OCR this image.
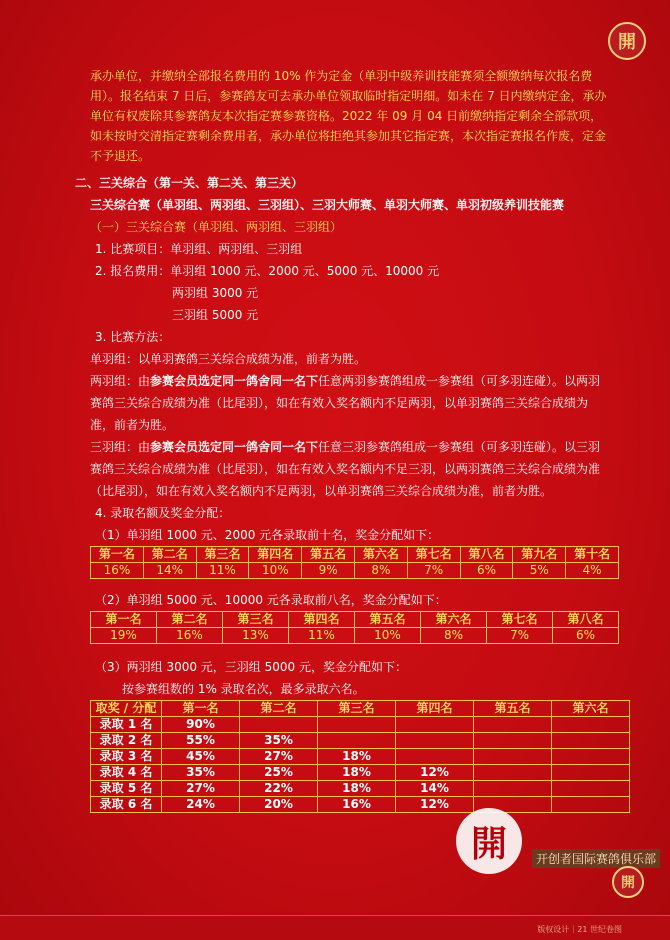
開
承办单位，并缴纳全部报名费用的 10% 作为定金（单羽中级养训技能赛须全额缴纳每次报名费用）。报名结束 7 日后，参赛鸽友可去承办单位领取临时指定明细。如未在 7 日内缴纳定金，承办单位有权废除其参赛鸽友本次指定赛参赛资格。2022 年 09 月 04 日前缴纳指定剩余全部款项，如未按时交清指定赛剩余费用者，承办单位将拒绝其参加其它指定赛，本次指定赛报名作废，定金不予退还。
二、三关综合（第一关、第二关、第三关）
三关综合赛（单羽组、两羽组、三羽组）、三羽大师赛、单羽大师赛、单羽初级养训技能赛
（一）三关综合赛（单羽组、两羽组、三羽组）
1. 比赛项目：单羽组、两羽组、三羽组
2. 报名费用：单羽组 1000 元、2000 元、5000 元、10000 元
两羽组 3000 元
三羽组 5000 元
3. 比赛方法：
单羽组：以单羽赛鸽三关综合成绩为准，前者为胜。
两羽组：由参赛会员选定同一鸽舍同一名下任意两羽参赛鸽组成一参赛组（可多羽连碰）。以两羽赛鸽三关综合成绩为准（比尾羽），如在有效入奖名额内不足两羽，以单羽赛鸽三关综合成绩为准，前者为胜。
三羽组：由参赛会员选定同一鸽舍同一名下任意三羽参赛鸽组成一参赛组（可多羽连碰）。以三羽赛鸽三关综合成绩为准（比尾羽），如在有效入奖名额内不足三羽，以两羽赛鸽三关综合成绩为准（比尾羽），如在有效入奖名额内不足两羽，以单羽赛鸽三关综合成绩为准，前者为胜。
4. 录取名额及奖金分配：
（1）单羽组 1000 元、2000 元各录取前十名，奖金分配如下：
第一名	第二名	第三名	第四名	第五名	第六名	第七名	第八名	第九名	第十名
16%	14%	11%	10%	9%	8%	7%	6%	5%	4%
（2）单羽组 5000 元、10000 元各录取前八名，奖金分配如下：
第一名	第二名	第三名	第四名	第五名	第六名	第七名	第八名
19%	16%	13%	11%	10%	8%	7%	6%
（3）两羽组 3000 元，三羽组 5000 元，奖金分配如下：
按参赛组数的 1% 录取名次，最多录取六名。
取奖 / 分配	第一名	第二名	第三名	第四名	第五名	第六名
录取 1 名	90%					
录取 2 名	55%	35%				
录取 3 名	45%	27%	18%			
录取 4 名	35%	25%	18%	12%		
录取 5 名	27%	22%	18%	14%		
录取 6 名	24%	20%	16%	12%		
開	开创者国际赛鸽俱乐部
開
版权设计｜21 世纪卷图
